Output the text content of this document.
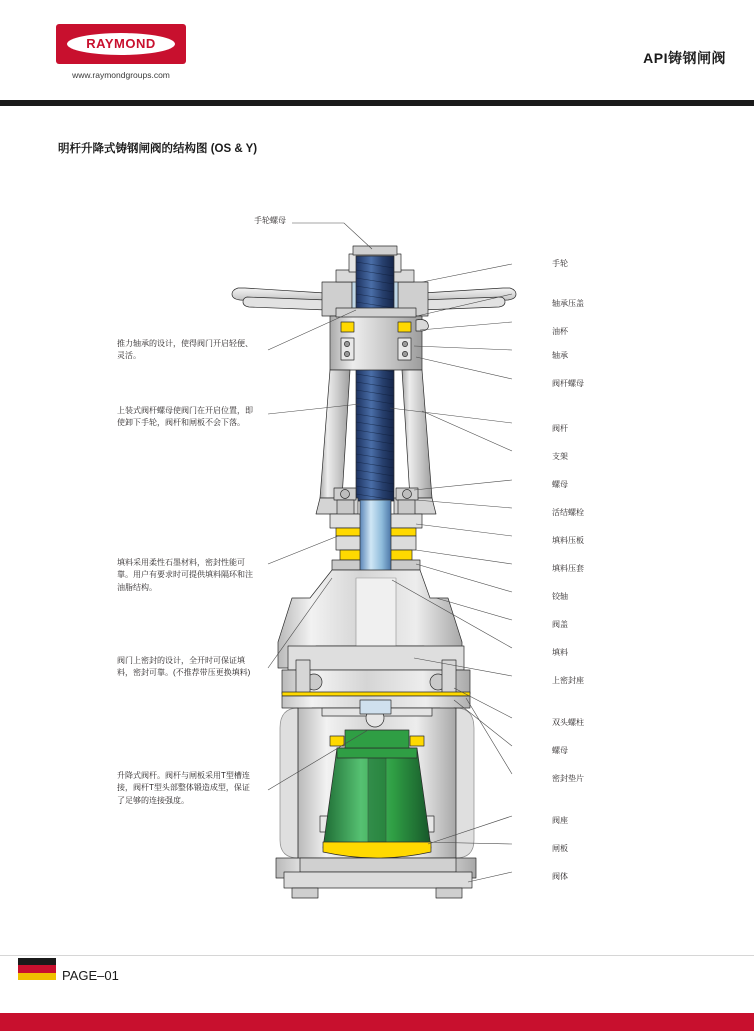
RAYMOND
www.raymondgroups.com
API铸钢闸阀
明杆升降式铸钢闸阀的结构图 (OS & Y)
手轮螺母
手轮
轴承压盖
油杯
轴承
阀杆螺母
阀杆
支架
螺母
活结螺栓
填料压板
填料压套
铰轴
阀盖
填料
上密封座
双头螺柱
螺母
密封垫片
阀座
闸板
阀体
推力轴承的设计，使得阀门开启轻便、灵活。
上装式阀杆螺母使阀门在开启位置，即使卸下手轮，阀杆和闸板不会下落。
填料采用柔性石墨材料，密封性能可靠。用户有要求时可提供填料隔环和注油脂结构。
阀门上密封的设计，全开时可保证填料，密封可靠。(不推荐带压更换填料)
升降式阀杆。阀杆与闸板采用T型槽连接，阀杆T型头部整体锻造成型，保证了足够的连接强度。
PAGE–01
